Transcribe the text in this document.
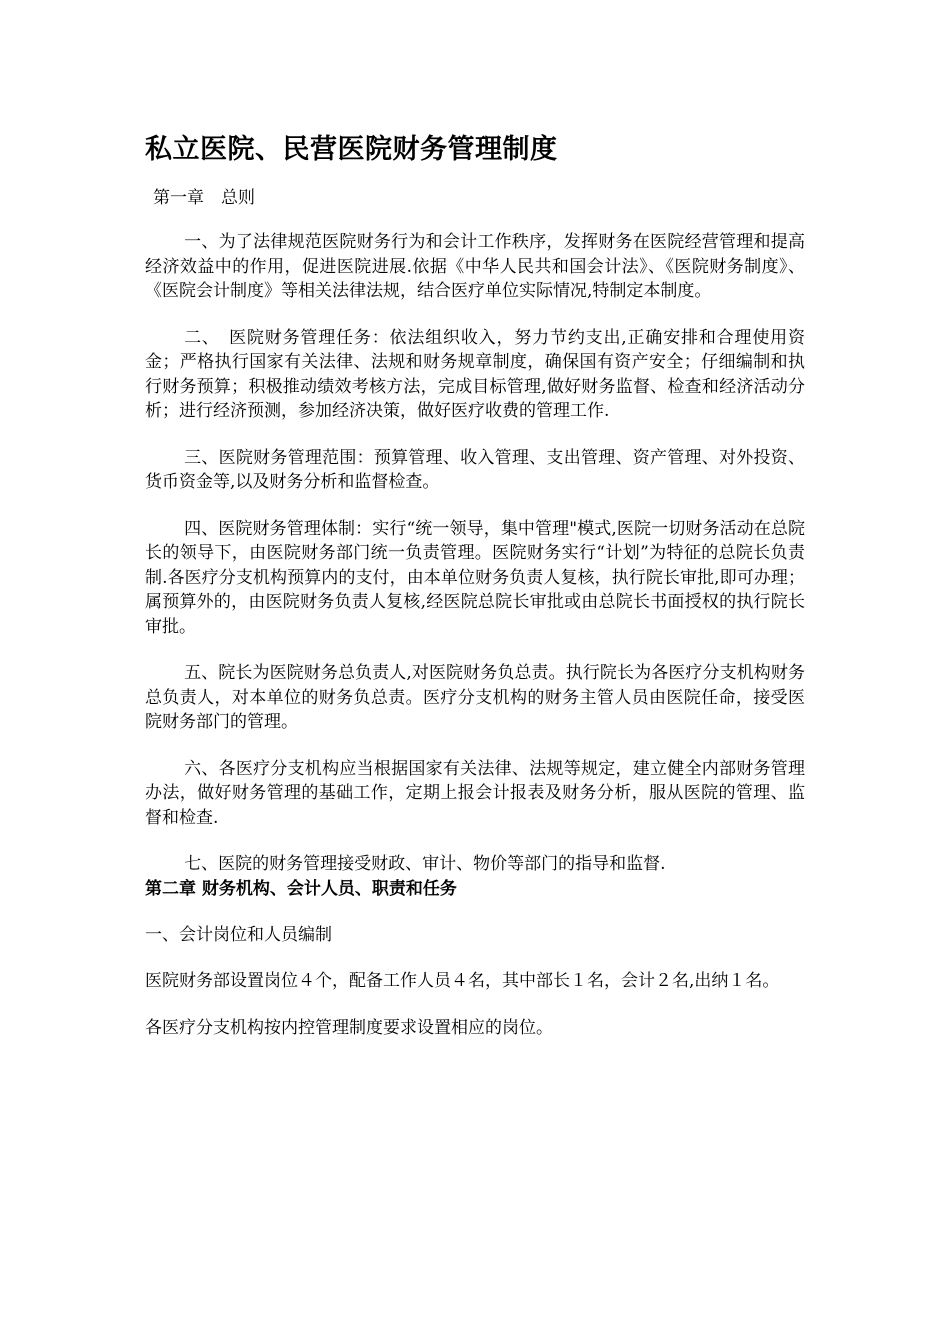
私立医院、民营医院财务管理制度
第一章　总则

一、为了法律规范医院财务行为和会计工作秩序，发挥财务在医院经营管理和提高经济效益中的作用，促进医院进展.依据《中华人民共和国会计法》、《医院财务制度》、《医院会计制度》等相关法律法规，结合医疗单位实际情况,特制定本制度。

二、　医院财务管理任务：依法组织收入，努力节约支出,正确安排和合理使用资金；严格执行国家有关法律、法规和财务规章制度，确保国有资产安全；仔细编制和执行财务预算；积极推动绩效考核方法，完成目标管理,做好财务监督、检查和经济活动分析；进行经济预测，参加经济决策，做好医疗收费的管理工作.

三、医院财务管理范围：预算管理、收入管理、支出管理、资产管理、对外投资、货币资金等,以及财务分析和监督检查。

四、医院财务管理体制：实行“统一领导，集中管理"模式,医院一切财务活动在总院长的领导下，由医院财务部门统一负责管理。医院财务实行“计划”为特征的总院长负责制.各医疗分支机构预算内的支付，由本单位财务负责人复核，执行院长审批,即可办理；属预算外的，由医院财务负责人复核,经医院总院长审批或由总院长书面授权的执行院长审批。

五、院长为医院财务总负责人,对医院财务负总责。执行院长为各医疗分支机构财务总负责人，对本单位的财务负总责。医疗分支机构的财务主管人员由医院任命，接受医院财务部门的管理。

六、各医疗分支机构应当根据国家有关法律、法规等规定，建立健全内部财务管理办法，做好财务管理的基础工作，定期上报会计报表及财务分析，服从医院的管理、监督和检查.

七、医院的财务管理接受财政、审计、物价等部门的指导和监督.

第二章 财务机构、会计人员、职责和任务

一、会计岗位和人员编制

医院财务部设置岗位４个，配备工作人员４名，其中部长１名，会计２名,出纳１名。

各医疗分支机构按内控管理制度要求设置相应的岗位。
